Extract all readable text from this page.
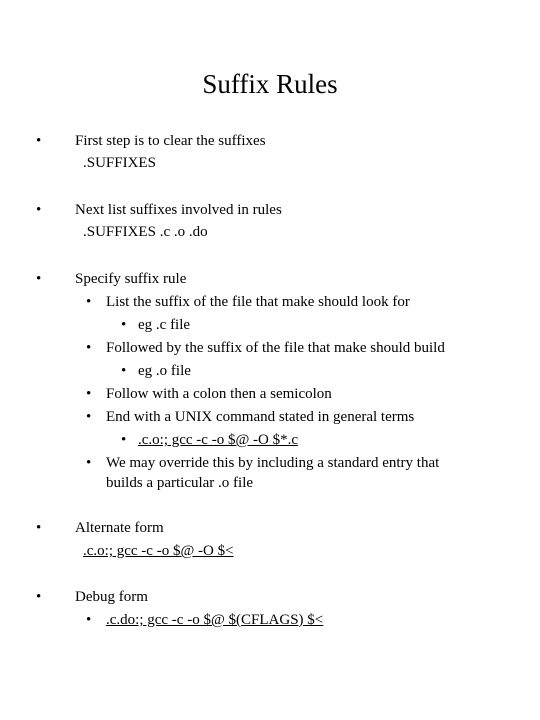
Suffix Rules
• First step is to clear the suffixes
.SUFFIXES
• Next list suffixes involved in rules
.SUFFIXES .c .o .do
• Specify suffix rule
• List the suffix of the file that make should look for
• eg .c file
• Followed by the suffix of the file that make should build
• eg .o file
• Follow with a colon then a semicolon
• End with a UNIX command stated in general terms
• .c.o:; gcc -c -o $@ -O $*.c
• We may override this by including a standard entry that
builds a particular .o file
• Alternate form
.c.o:; gcc -c -o $@ -O $<
• Debug form
• .c.do:; gcc -c -o $@ $(CFLAGS) $<
